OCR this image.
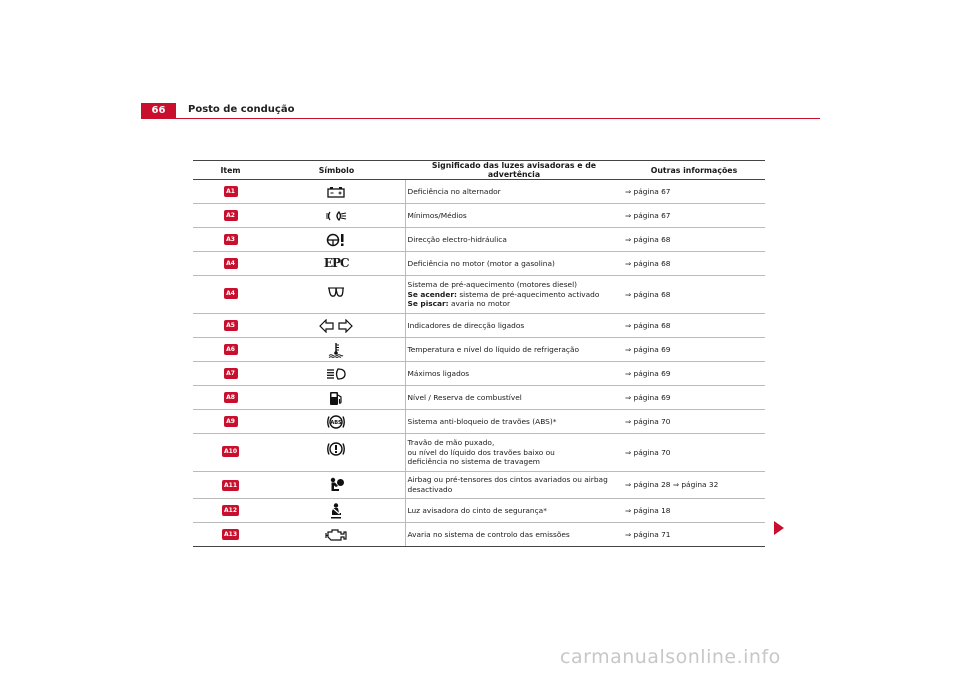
66	Posto de condução
Item	Símbolo	Significado das luzes avisadoras e de advertência	Outras informações
A1		Deficiência no alternador	⇒ página 67
A2		Mínimos/Médios	⇒ página 67
A3		Direcção electro-hidráulica	⇒ página 68
A4	EPC	Deficiência no motor (motor a gasolina)	⇒ página 68
A4		Sistema de pré-aquecimento (motores diesel)
Se acender: sistema de pré-aquecimento activado
Se piscar: avaria no motor	⇒ página 68
A5		Indicadores de direcção ligados	⇒ página 68
A6		Temperatura e nível do líquido de refrigeração	⇒ página 69
A7		Máximos ligados	⇒ página 69
A8		Nível / Reserva de combustível	⇒ página 69
A9	ABS	Sistema anti-bloqueio de travões (ABS)*	⇒ página 70
A10		Travão de mão puxado,
ou nível do líquido dos travões baixo ou
deficiência no sistema de travagem	⇒ página 70
A11		Airbag ou pré-tensores dos cintos avariados ou airbag
desactivado	⇒ página 28 ⇒ página 32
A12		Luz avisadora do cinto de segurança*	⇒ página 18
A13		Avaria no sistema de controlo das emissões	⇒ página 71
carmanualsonline.info
